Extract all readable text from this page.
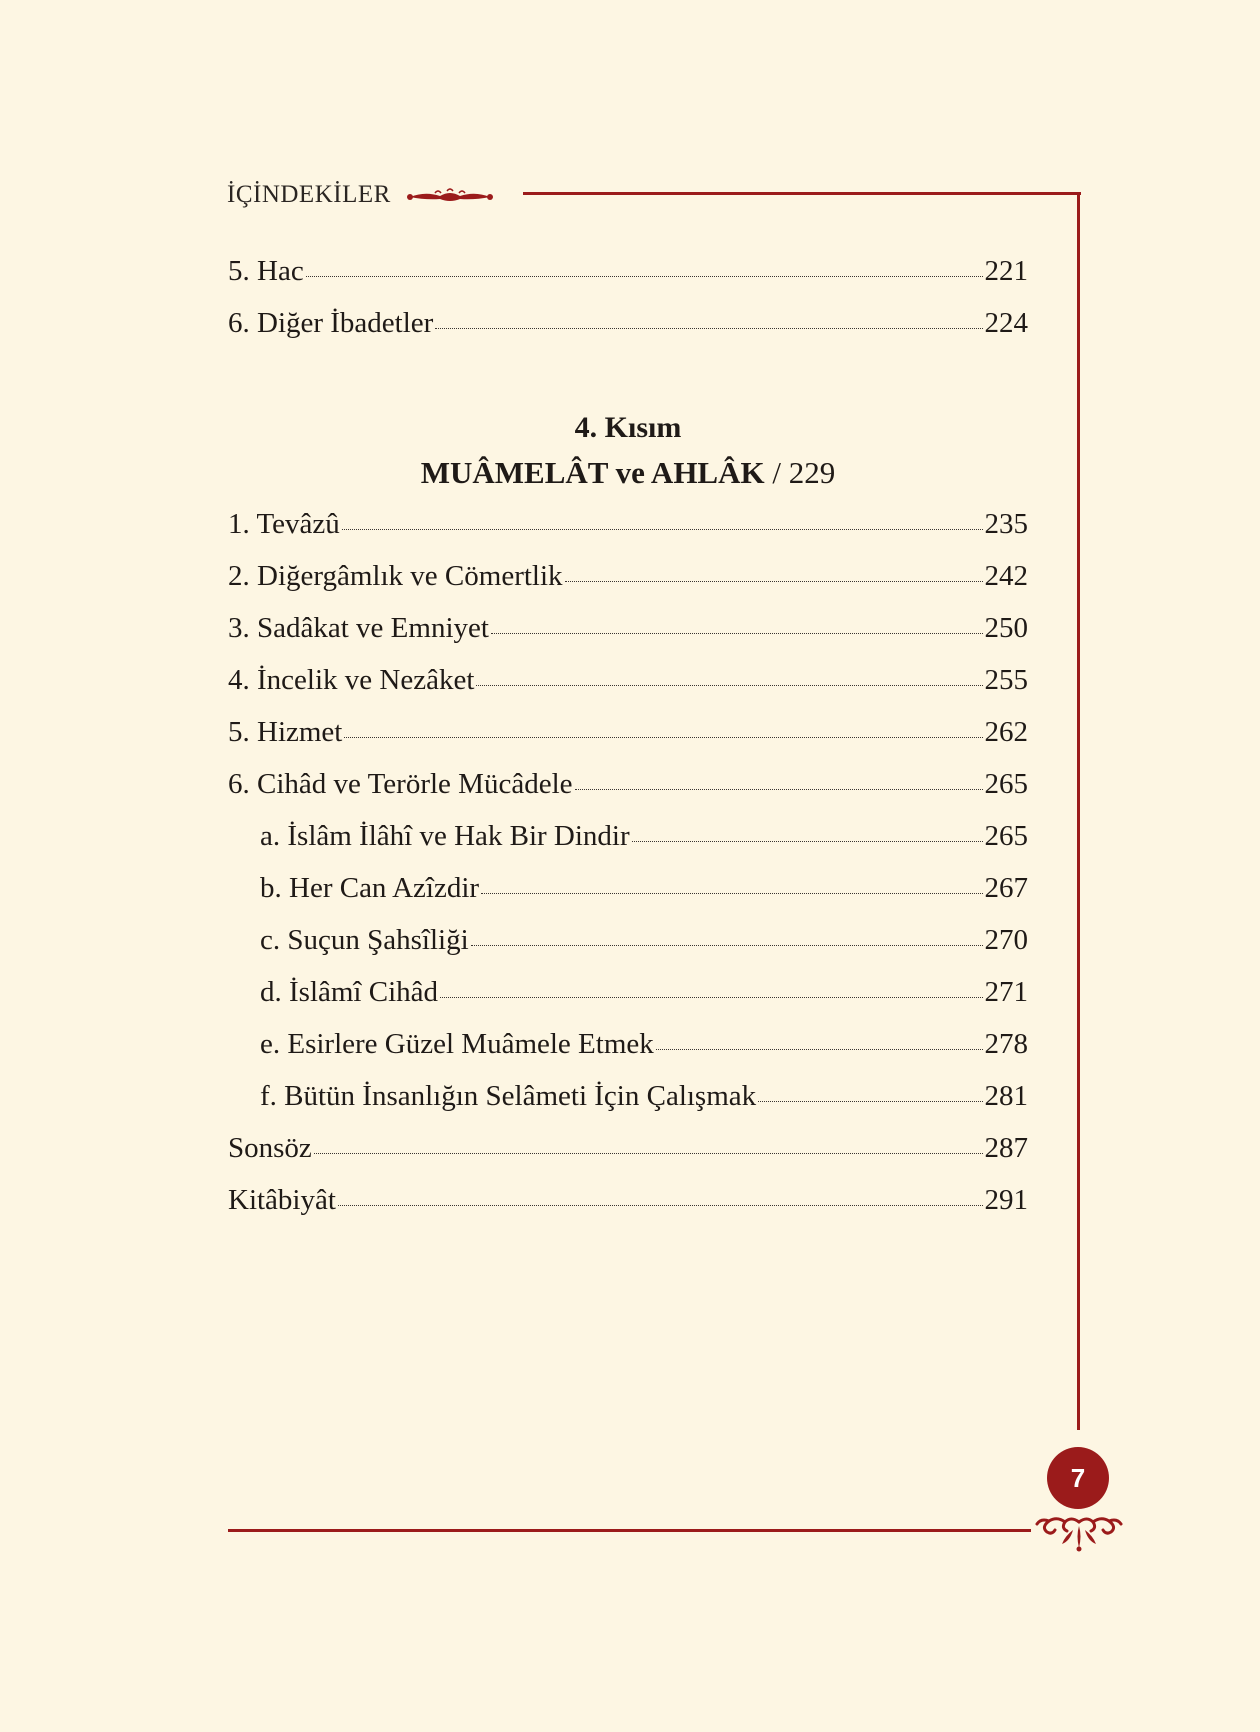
İÇİNDEKİLER
5. Hac	221
6. Diğer İbadetler	224
4. Kısım
MUÂMELÂT ve AHLÂK / 229
1. Tevâzû	235
2. Diğergâmlık ve Cömertlik	242
3. Sadâkat ve Emniyet	250
4. İncelik ve Nezâket	255
5. Hizmet	262
6. Cihâd ve Terörle Mücâdele	265
a. İslâm İlâhî ve Hak Bir Dindir	265
b. Her Can Azîzdir	267
c. Suçun Şahsîliği	270
d. İslâmî Cihâd	271
e. Esirlere Güzel Muâmele Etmek	278
f. Bütün İnsanlığın Selâmeti İçin Çalışmak	281
Sonsöz	287
Kitâbiyât	291
7
